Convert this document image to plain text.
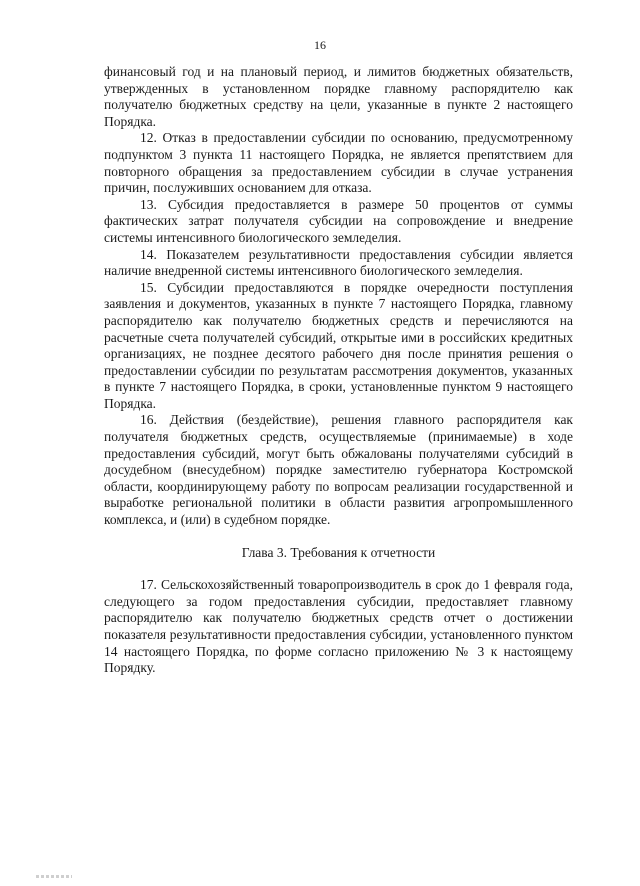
16

финансовый год и на плановый период, и лимитов бюджетных обязательств, утвержденных в установленном порядке главному распорядителю как получателю бюджетных средству на цели, указанные в пункте 2 настоящего Порядка.

12. Отказ в предоставлении субсидии по основанию, предусмотренному подпунктом 3 пункта 11 настоящего Порядка, не является препятствием для повторного обращения за предоставлением субсидии в случае устранения причин, послуживших основанием для отказа.

13. Субсидия предоставляется в размере 50 процентов от суммы фактических затрат получателя субсидии на сопровождение и внедрение системы интенсивного биологического земледелия.

14. Показателем результативности предоставления субсидии является наличие внедренной системы интенсивного биологического земледелия.

15. Субсидии предоставляются в порядке очередности поступления заявления и документов, указанных в пункте 7 настоящего Порядка, главному распорядителю как получателю бюджетных средств и перечисляются на расчетные счета получателей субсидий, открытые ими в российских кредитных организациях, не позднее десятого рабочего дня после принятия решения о предоставлении субсидии по результатам рассмотрения документов, указанных в пункте 7 настоящего Порядка, в сроки, установленные пунктом 9 настоящего Порядка.

16. Действия (бездействие), решения главного распорядителя как получателя бюджетных средств, осуществляемые (принимаемые) в ходе предоставления субсидий, могут быть обжалованы получателями субсидий в досудебном (внесудебном) порядке заместителю губернатора Костромской области, координирующему работу по вопросам реализации государственной и выработке региональной политики в области развития агропромышленного комплекса, и (или) в судебном порядке.

Глава 3. Требования к отчетности

17. Сельскохозяйственный товаропроизводитель в срок до 1 февраля года, следующего за годом предоставления субсидии, предоставляет главному распорядителю как получателю бюджетных средств отчет о достижении показателя результативности предоставления субсидии, установленного пунктом 14 настоящего Порядка, по форме согласно приложению № 3 к настоящему Порядку.
